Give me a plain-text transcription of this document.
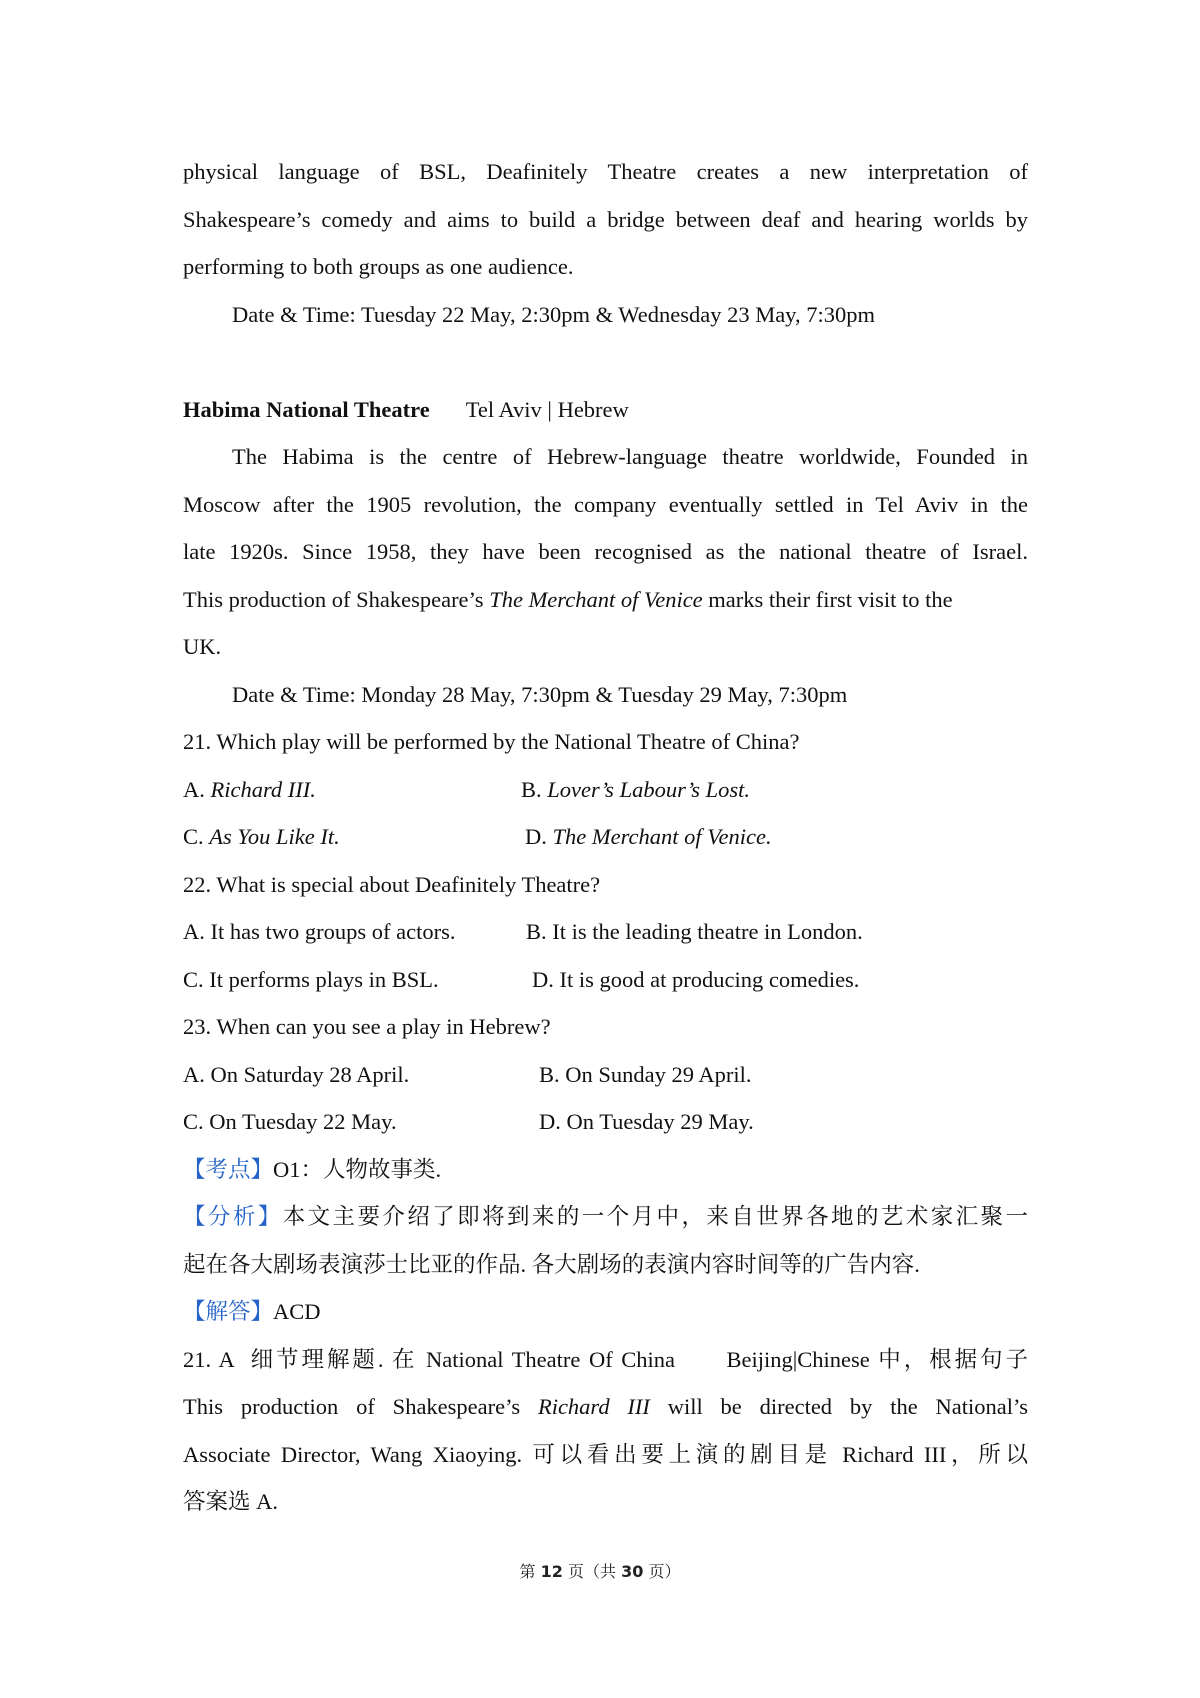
physical language of BSL, Deafinitely Theatre creates a new interpretation of
Shakespeare’s comedy and aims to build a bridge between deaf and hearing worlds by
performing to both groups as one audience.
Date & Time: Tuesday 22 May, 2:30pm & Wednesday 23 May, 7:30pm
Habima National Theatre Tel Aviv | Hebrew
The Habima is the centre of Hebrew-language theatre worldwide, Founded in
Moscow after the 1905 revolution, the company eventually settled in Tel Aviv in the
late 1920s. Since 1958, they have been recognised as the national theatre of Israel.
This production of Shakespeare’s The Merchant of Venice marks their first visit to the
UK.
Date & Time: Monday 28 May, 7:30pm & Tuesday 29 May, 7:30pm
21. Which play will be performed by the National Theatre of China?
A. Richard III.	B. Lover’s Labour’s Lost.
C. As You Like It.	D. The Merchant of Venice.
22. What is special about Deafinitely Theatre?
A. It has two groups of actors.	B. It is the leading theatre in London.
C. It performs plays in BSL.	D. It is good at producing comedies.
23. When can you see a play in Hebrew?
A. On Saturday 28 April.	B. On Sunday 29 April.
C. On Tuesday 22 May.	D. On Tuesday 29 May.
【考点】O1：人物故事类.
【分析】本文主要介绍了即将到来的一个月中，来自世界各地的艺术家汇聚一
起在各大剧场表演莎士比亚的作品. 各大剧场的表演内容时间等的广告内容.
【解答】ACD
21. A  细节理解题. 在 National Theatre Of China      Beijing|Chinese 中，根据句子
This production of Shakespeare’s Richard III will be directed by the National’s
Associate Director, Wang Xiaoying. 可以看出要上演的剧目是 Richard III，所以
答案选 A.
第 12 页（共 30 页）
